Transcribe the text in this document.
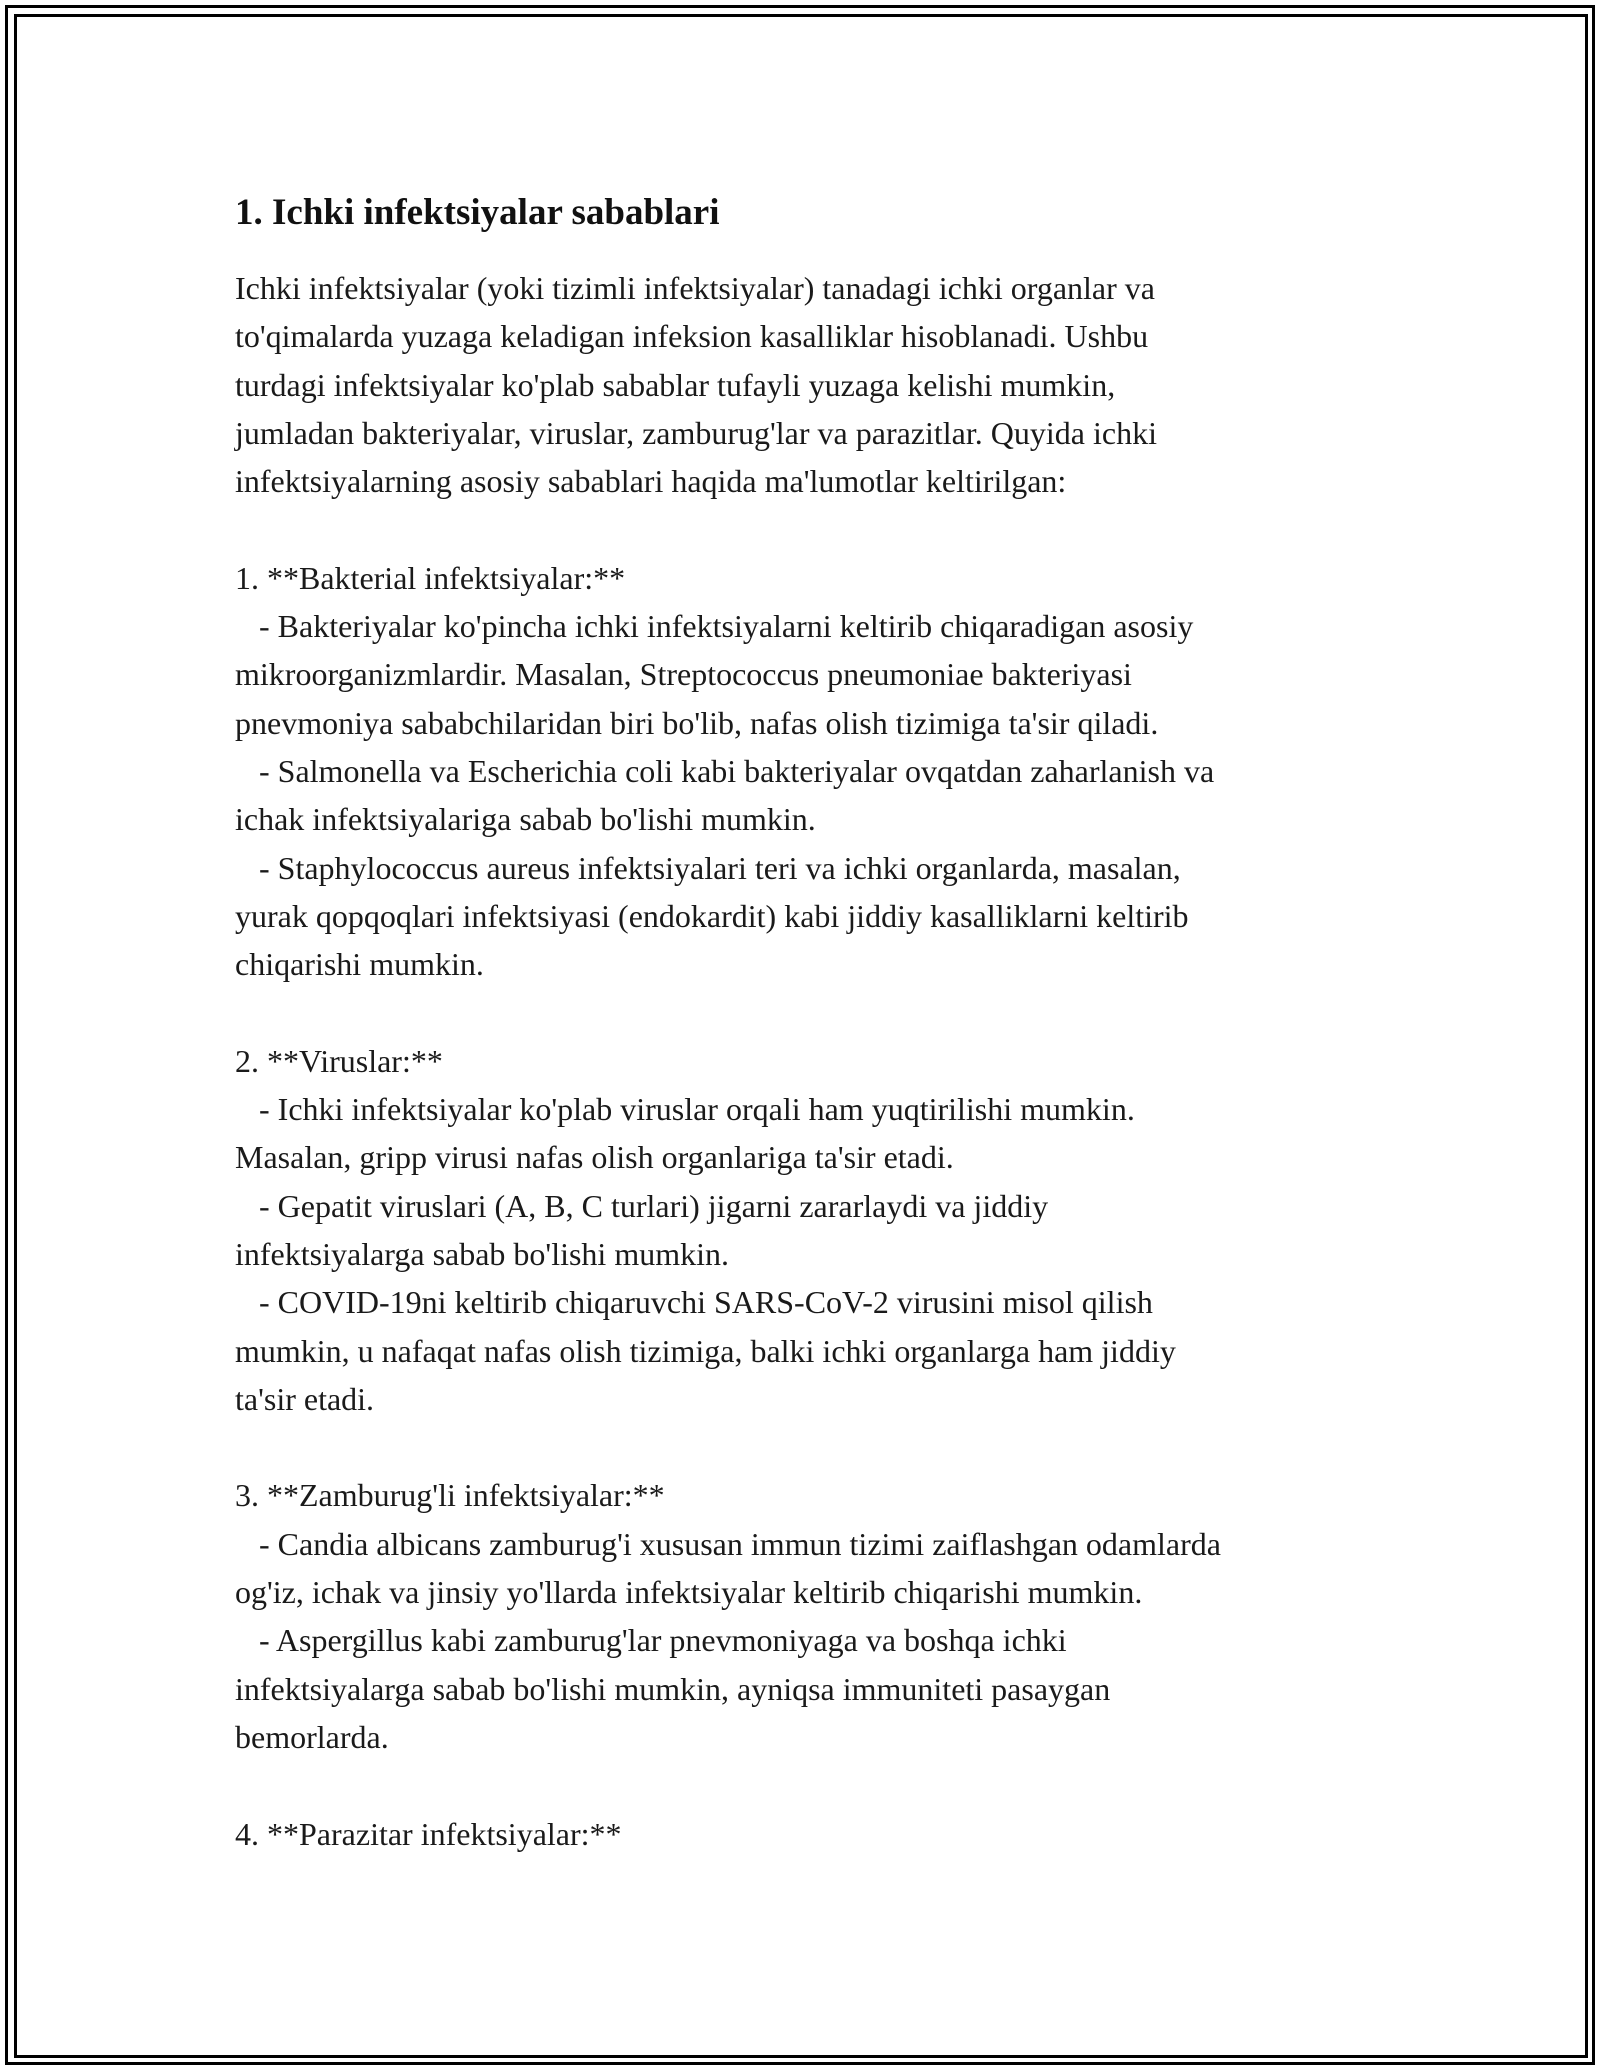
1. Ichki infektsiyalar sabablari
Ichki infektsiyalar (yoki tizimli infektsiyalar) tanadagi ichki organlar va
to'qimalarda yuzaga keladigan infeksion kasalliklar hisoblanadi. Ushbu
turdagi infektsiyalar ko'plab sabablar tufayli yuzaga kelishi mumkin,
jumladan bakteriyalar, viruslar, zamburug'lar va parazitlar. Quyida ichki
infektsiyalarning asosiy sabablari haqida ma'lumotlar keltirilgan:
1. **Bakterial infektsiyalar:**
- Bakteriyalar ko'pincha ichki infektsiyalarni keltirib chiqaradigan asosiy
mikroorganizmlardir. Masalan, Streptococcus pneumoniae bakteriyasi
pnevmoniya sababchilaridan biri bo'lib, nafas olish tizimiga ta'sir qiladi.
- Salmonella va Escherichia coli kabi bakteriyalar ovqatdan zaharlanish va
ichak infektsiyalariga sabab bo'lishi mumkin.
- Staphylococcus aureus infektsiyalari teri va ichki organlarda, masalan,
yurak qopqoqlari infektsiyasi (endokardit) kabi jiddiy kasalliklarni keltirib
chiqarishi mumkin.
2. **Viruslar:**
- Ichki infektsiyalar ko'plab viruslar orqali ham yuqtirilishi mumkin.
Masalan, gripp virusi nafas olish organlariga ta'sir etadi.
- Gepatit viruslari (A, B, C turlari) jigarni zararlaydi va jiddiy
infektsiyalarga sabab bo'lishi mumkin.
- COVID-19ni keltirib chiqaruvchi SARS-CoV-2 virusini misol qilish
mumkin, u nafaqat nafas olish tizimiga, balki ichki organlarga ham jiddiy
ta'sir etadi.
3. **Zamburug'li infektsiyalar:**
- Candia albicans zamburug'i xususan immun tizimi zaiflashgan odamlarda
og'iz, ichak va jinsiy yo'llarda infektsiyalar keltirib chiqarishi mumkin.
- Aspergillus kabi zamburug'lar pnevmoniyaga va boshqa ichki
infektsiyalarga sabab bo'lishi mumkin, ayniqsa immuniteti pasaygan
bemorlarda.
4. **Parazitar infektsiyalar:**
